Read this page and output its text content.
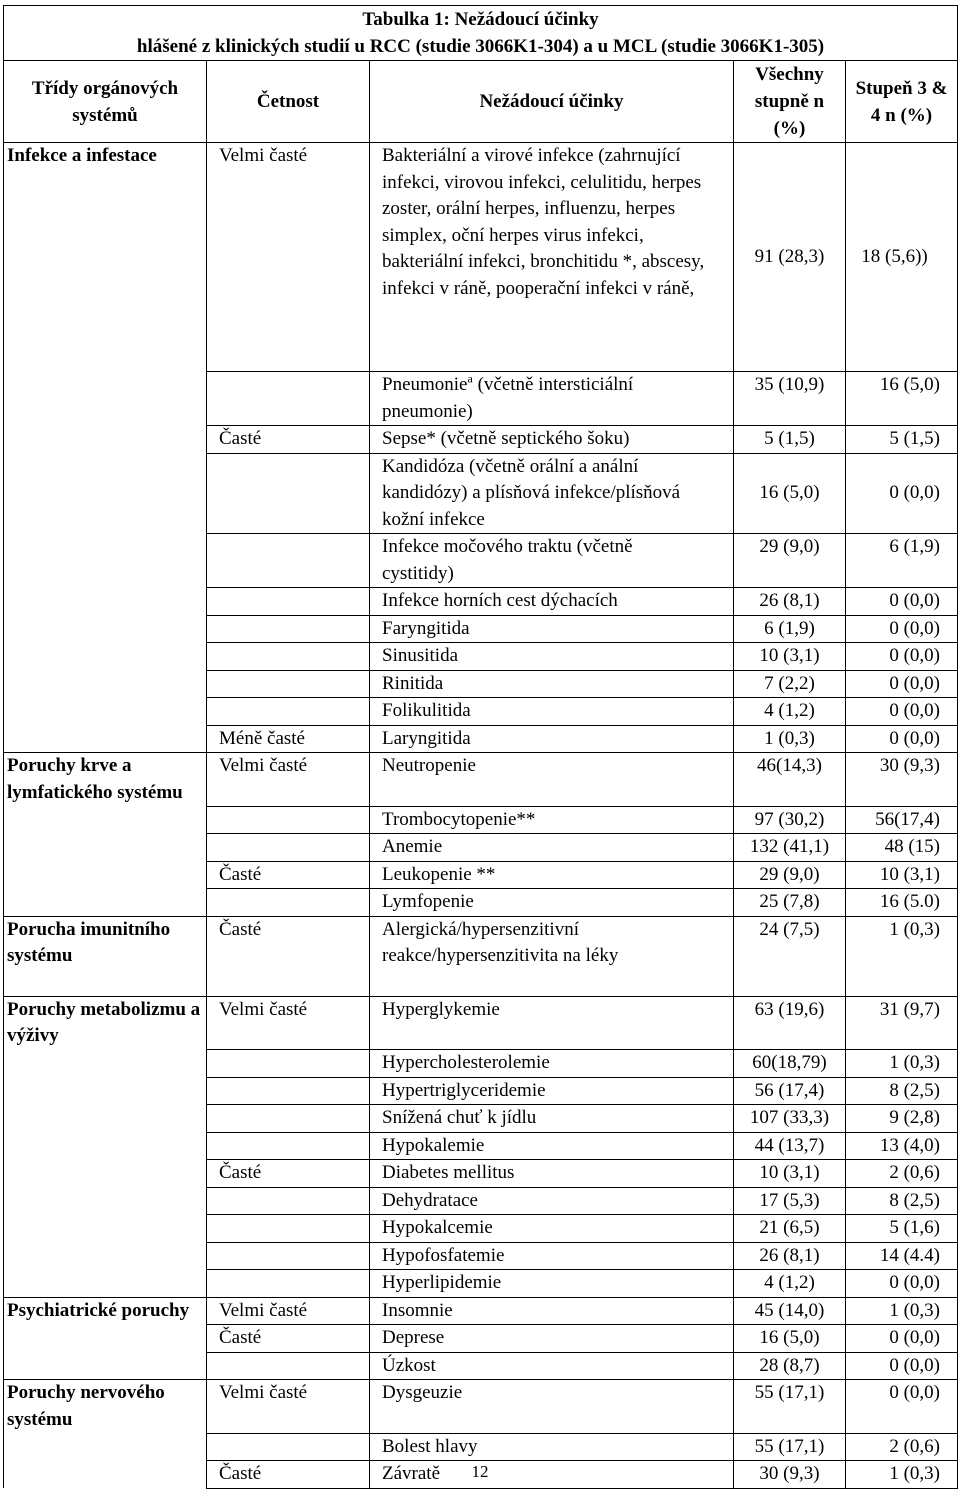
Tabulka 1: Nežádoucí účinky
hlášené z klinických studií u RCC (studie 3066K1-304) a u MCL (studie 3066K1-305)				

Třídy orgánových systémů	Četnost	Nežádoucí účinky	Všechny stupně n (%)	Stupeň 3 & 4 n (%)
Infekce a infestace	Velmi časté	Bakteriální a virové infekce (zahrnující infekci, virovou infekci, celulitidu, herpes zoster, orální herpes, influenzu, herpes simplex, oční herpes virus infekci, bakteriální infekci, bronchitidu *, abscesy, infekci v ráně, pooperační infekci v ráně,	91 (28,3)	18 (5,6))

		Pneumonie$^a$ (včetně intersticiální pneumonie)	35 (10,9)	16 (5,0)
	Časté	Sepse* (včetně septického šoku)	5 (1,5)	5 (1,5)

		Kandidóza (včetně orální a anální kandidózy) a plísňová infekce/plísňová kožní infekce	16 (5,0)	0 (0,0)

		Infekce močového traktu (včetně cystitidy)	29 (9,0)	6 (1,9)

		Infekce horních cest dýchacích	26 (8,1)	0 (0,0)

		Faryngitida	6 (1,9)	0 (0,0)

		Sinusitida	10 (3,1)	0 (0,0)

		Rinitida	7 (2,2)	0 (0,0)

		Folikulitida	4 (1,2)	0 (0,0)
	Méně časté	Laryngitida	1 (0,3)	0 (0,0)
Poruchy krve a lymfatického systému	Velmi časté	Neutropenie	46(14,3)	30 (9,3)

		Trombocytopenie**	97 (30,2)	56(17,4)

		Anemie	132 (41,1)	48 (15)
	Časté	Leukopenie **	29 (9,0)	10 (3,1)

		Lymfopenie	25 (7,8)	16 (5.0)
Porucha imunitního systému	Časté	Alergická/hypersenzitivní reakce/hypersenzitivita na léky	24 (7,5)	1 (0,3)
Poruchy metabolizmu a výživy	Velmi časté	Hyperglykemie	63 (19,6)	31 (9,7)

		Hypercholesterolemie	60(18,79)	1 (0,3)

		Hypertriglyceridemie	56 (17,4)	8 (2,5)

		Snížená chuť k jídlu	107 (33,3)	9 (2,8)

		Hypokalemie	44 (13,7)	13 (4,0)
	Časté	Diabetes mellitus	10 (3,1)	2 (0,6)

		Dehydratace	17 (5,3)	8 (2,5)

		Hypokalcemie	21 (6,5)	5 (1,6)

		Hypofosfatemie	26 (8,1)	14 (4.4)

		Hyperlipidemie	4 (1,2)	0 (0,0)
Psychiatrické poruchy	Velmi časté	Insomnie	45 (14,0)	1 (0,3)
	Časté	Deprese	16 (5,0)	0 (0,0)

		Úzkost	28 (8,7)	0 (0,0)
Poruchy nervového systému	Velmi časté	Dysgeuzie	55 (17,1)	0 (0,0)

		Bolest hlavy	55 (17,1)	2 (0,6)
	Časté	Závratě	30 (9,3)	1 (0,3)
12
